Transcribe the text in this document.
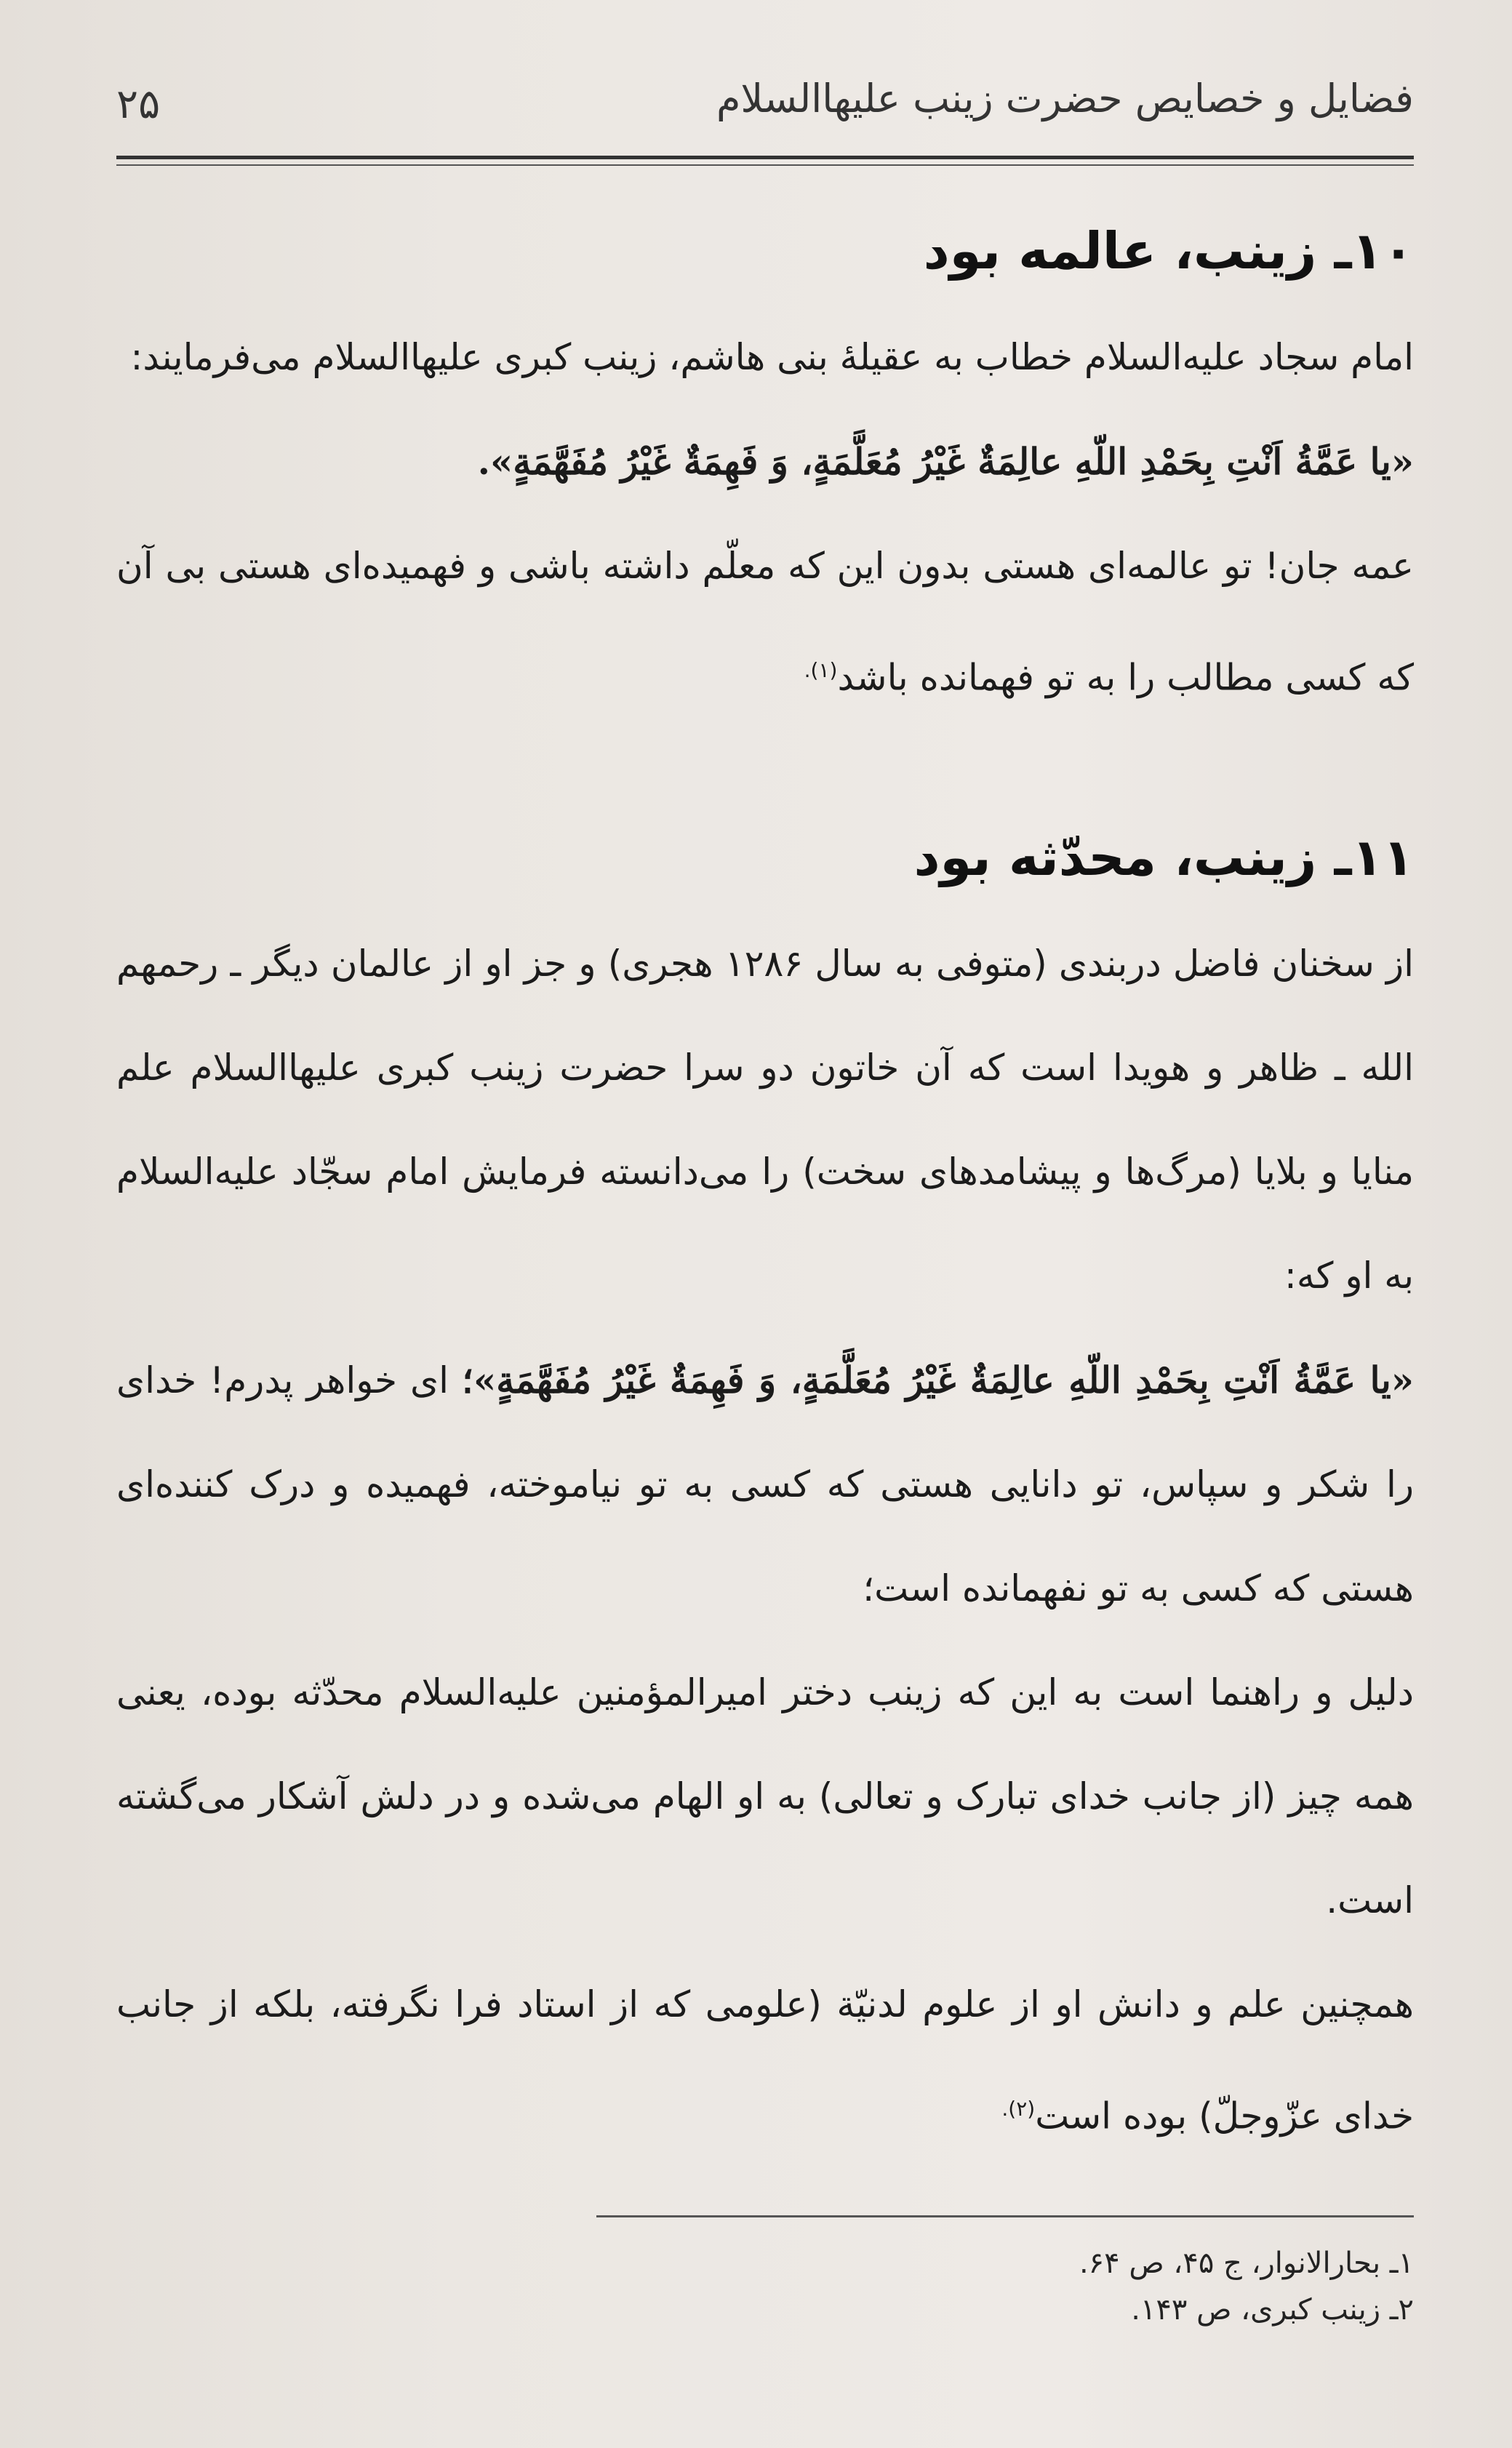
فضایل و خصایص حضرت زینب علیهاالسلام
۲۵
۱۰ـ زینب، عالمه بود

امام سجاد علیه‌السلام خطاب به عقیلهٔ بنی هاشم، زینب کبری علیهاالسلام می‌فرمایند:

«یا عَمَّةُ اَنْتِ بِحَمْدِ اللّهِ عالِمَةٌ غَیْرُ مُعَلَّمَةٍ، وَ فَهِمَةٌ غَیْرُ مُفَهَّمَةٍ».

عمه جان! تو عالمه‌ای هستی بدون این که معلّم داشته باشی و فهمیده‌ای هستی بی آن که کسی مطالب را به تو فهمانده باشد$^{(۱).}$

۱۱ـ زینب، محدّثه بود

از سخنان فاضل دربندی (متوفی به سال ۱۲۸۶ هجری) و جز او از عالمان دیگر ـ رحمهم الله ـ ظاهر و هویدا است که آن خاتون دو سرا حضرت زینب کبری علیهاالسلام علم منایا و بلایا (مرگ‌ها و پیشامدهای سخت) را می‌دانسته فرمایش امام سجّاد علیه‌السلام به او که:

«یا عَمَّةُ اَنْتِ بِحَمْدِ اللّهِ عالِمَةٌ غَیْرُ مُعَلَّمَةٍ، وَ فَهِمَةٌ غَیْرُ مُفَهَّمَةٍ»؛ ای خواهر پدرم! خدای را شکر و سپاس، تو دانایی هستی که کسی به تو نیاموخته، فهمیده و درک کننده‌ای هستی که کسی به تو نفهمانده است؛

دلیل و راهنما است به این که زینب دختر امیرالمؤمنین علیه‌السلام محدّثه بوده، یعنی همه چیز (از جانب خدای تبارک و تعالی) به او الهام می‌شده و در دلش آشکار می‌گشته است.

همچنین علم و دانش او از علوم لدنیّة (علومی که از استاد فرا نگرفته، بلکه از جانب خدای عزّوجلّ) بوده است$^{(۲).}$

۱ـ بحارالانوار، ج ۴۵، ص ۶۴.
۲ـ زینب کبری، ص ۱۴۳.
